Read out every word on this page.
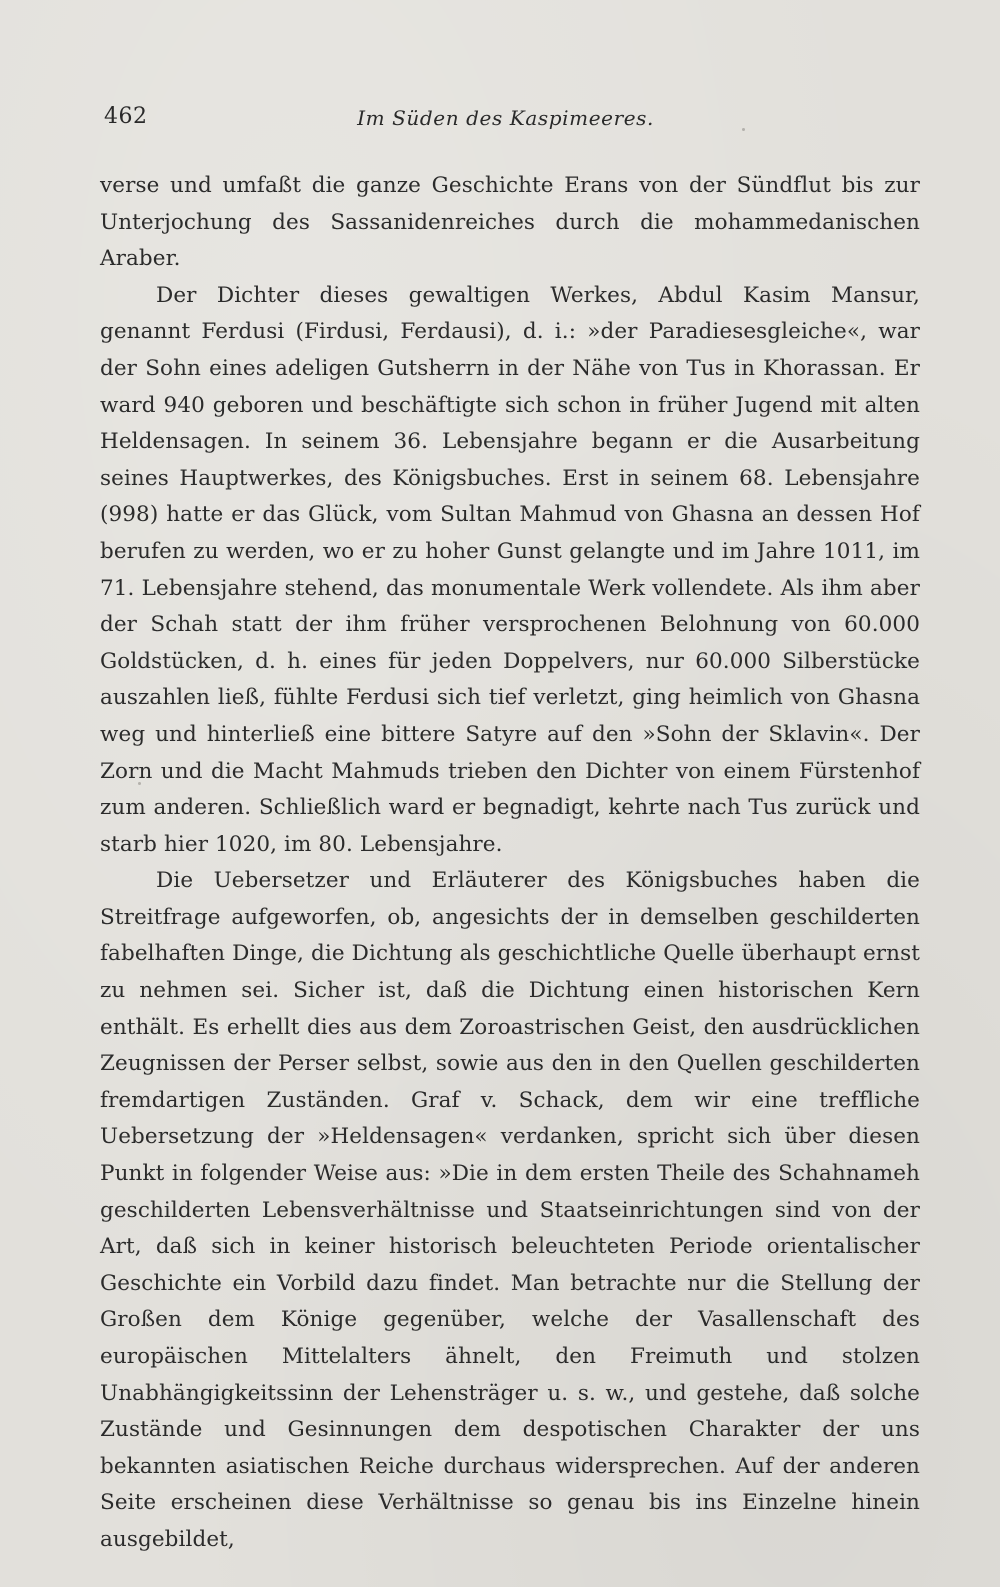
462	Im Süden des Kaspimeeres.

verse und umfaßt die ganze Geschichte Erans von der Sündflut bis zur Unterjochung des Sassanidenreiches durch die mohammedanischen Araber.

Der Dichter dieses gewaltigen Werkes, Abdul Kasim Mansur, genannt Ferdusi (Firdusi, Ferdausi), d. i.: »der Paradiesesgleiche«, war der Sohn eines adeligen Gutsherrn in der Nähe von Tus in Khorassan. Er ward 940 geboren und beschäftigte sich schon in früher Jugend mit alten Heldensagen. In seinem 36. Lebensjahre begann er die Ausarbeitung seines Hauptwerkes, des Königsbuches. Erst in seinem 68. Lebensjahre (998) hatte er das Glück, vom Sultan Mahmud von Ghasna an dessen Hof berufen zu werden, wo er zu hoher Gunst gelangte und im Jahre 1011, im 71. Lebensjahre stehend, das monumentale Werk vollendete. Als ihm aber der Schah statt der ihm früher versprochenen Belohnung von 60.000 Goldstücken, d. h. eines für jeden Doppelvers, nur 60.000 Silberstücke auszahlen ließ, fühlte Ferdusi sich tief verletzt, ging heimlich von Ghasna weg und hinterließ eine bittere Satyre auf den »Sohn der Sklavin«. Der Zorn und die Macht Mahmuds trieben den Dichter von einem Fürstenhof zum anderen. Schließlich ward er begnadigt, kehrte nach Tus zurück und starb hier 1020, im 80. Lebensjahre.

Die Uebersetzer und Erläuterer des Königsbuches haben die Streitfrage aufgeworfen, ob, angesichts der in demselben geschilderten fabelhaften Dinge, die Dichtung als geschichtliche Quelle überhaupt ernst zu nehmen sei. Sicher ist, daß die Dichtung einen historischen Kern enthält. Es erhellt dies aus dem Zoroastrischen Geist, den ausdrücklichen Zeugnissen der Perser selbst, sowie aus den in den Quellen geschilderten fremdartigen Zuständen. Graf v. Schack, dem wir eine treffliche Uebersetzung der »Heldensagen« verdanken, spricht sich über diesen Punkt in folgender Weise aus: »Die in dem ersten Theile des Schahnameh geschilderten Lebensverhältnisse und Staatseinrichtungen sind von der Art, daß sich in keiner historisch beleuchteten Periode orientalischer Geschichte ein Vorbild dazu findet. Man betrachte nur die Stellung der Großen dem Könige gegenüber, welche der Vasallenschaft des europäischen Mittelalters ähnelt, den Freimuth und stolzen Unabhängigkeitssinn der Lehensträger u. s. w., und gestehe, daß solche Zustände und Gesinnungen dem despotischen Charakter der uns bekannten asiatischen Reiche durchaus widersprechen. Auf der anderen Seite erscheinen diese Verhältnisse so genau bis ins Einzelne hinein ausgebildet,
